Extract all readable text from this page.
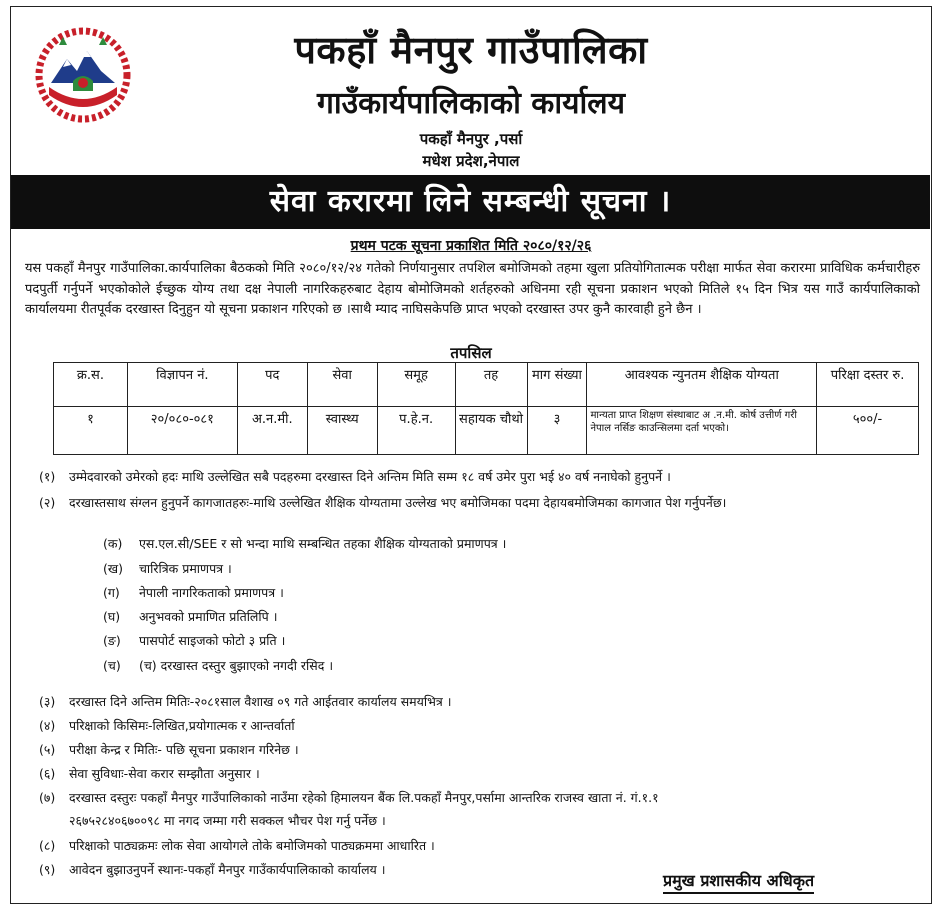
पकहाँ मैनपुर गाउँपालिका
गाउँकार्यपालिकाको कार्यालय
पकहाँ मैनपुर ,पर्सा
मधेश प्रदेश,नेपाल
सेवा करारमा लिने सम्बन्धी सूचना ।
प्रथम पटक सूचना प्रकाशित मिति २०८०/१२/२६
यस पकहाँ मैनपुर गाउँपालिका.कार्यपालिका बैठकको मिति २०८०/१२/२४ गतेको निर्णयानुसार तपशिल बमोजिमको तहमा खुला प्रतियोगितात्मक परीक्षा मार्फत सेवा करारमा प्राविधिक कर्मचारीहरु पदपुर्ती गर्नुपर्ने भएकोकोले ईच्छुक योग्य तथा दक्ष नेपाली नागरिकहरुबाट देहाय बोमोजिमको शर्तहरुको अधिनमा रही सूचना प्रकाशन भएको मितिले १५ दिन भित्र यस गाउँ कार्यपालिकाको कार्यालयमा रीतपूर्वक दरखास्त दिनुहुन यो सूचना प्रकाशन गरिएको छ ।साथै म्याद नाघिसकेपछि प्राप्त भएको दरखास्त उपर कुनै कारवाही हुने छैन ।
तपसिल
क्र.स.	विज्ञापन नं.	पद	सेवा	समूह	तह	माग संख्या	आवश्यक न्युनतम शैक्षिक योग्यता	परिक्षा दस्तर रु.
१	२०/०८०-०८१	अ.न.मी.	स्वास्थ्य	प.हे.न.	सहायक चौथो	३	मान्यता प्राप्त शिक्षण संस्थाबाट अ .न.मी. कोर्ष उत्तीर्ण गरी नेपाल नर्सिङ काउन्सिलमा दर्ता भएको।	५००/-
(१) उम्मेदवारको उमेरको हदः माथि उल्लेखित सबै पदहरुमा दरखास्त दिने अन्तिम मिति सम्म १८ वर्ष उमेर पुरा भई ४० वर्ष ननाघेको हुनुपर्ने ।
(२) दरखास्तसाथ संग्लन हुनुपर्ने कागजातहरुः-माथि उल्लेखित शैक्षिक योग्यतामा उल्लेख भए बमोजिमका पदमा देहायबमोजिमका कागजात पेश गर्नुपर्नेछ।
(क) एस.एल.सी/SEE र सो भन्दा माथि सम्बन्धित तहका शैक्षिक योग्यताको प्रमाणपत्र ।
(ख) चारित्रिक प्रमाणपत्र ।
(ग) नेपाली नागरिकताको प्रमाणपत्र ।
(घ) अनुभवको प्रमाणित प्रतिलिपि ।
(ङ) पासपोर्ट साइजको फोटो ३ प्रति ।
(च) (च) दरखास्त दस्तुर बुझाएको नगदी रसिद ।
(३) दरखास्त दिने अन्तिम मितिः-२०८१साल वैशाख ०९ गते आईतवार कार्यालय समयभित्र ।
(४) परिक्षाको किसिमः-लिखित,प्रयोगात्मक र आन्तर्वार्ता
(५) परीक्षा केन्द्र र मितिः- पछि सूचना प्रकाशन गरिनेछ ।
(६) सेवा सुविधाः-सेवा करार सम्झौता अनुसार ।
(७) दरखास्त दस्तुरः पकहाँ मैनपुर गाउँपालिकाको नाउँमा रहेको हिमालयन बैंक लि.पकहाँ मैनपुर,पर्सामा आन्तरिक राजस्व खाता नं. गं.१.१
२६७५२८४०६७००९८ मा नगद जम्मा गरी सक्कल भौचर पेश गर्नु पर्नेछ ।
(८) परिक्षाको पाठ्यक्रमः लोक सेवा आयोगले तोके बमोजिमको पाठ्यक्रममा आधारित ।
(९) आवेदन बुझाउनुपर्ने स्थानः-पकहाँ मैनपुर गाउँकार्यपालिकाको कार्यालय ।
प्रमुख प्रशासकीय अधिकृत
